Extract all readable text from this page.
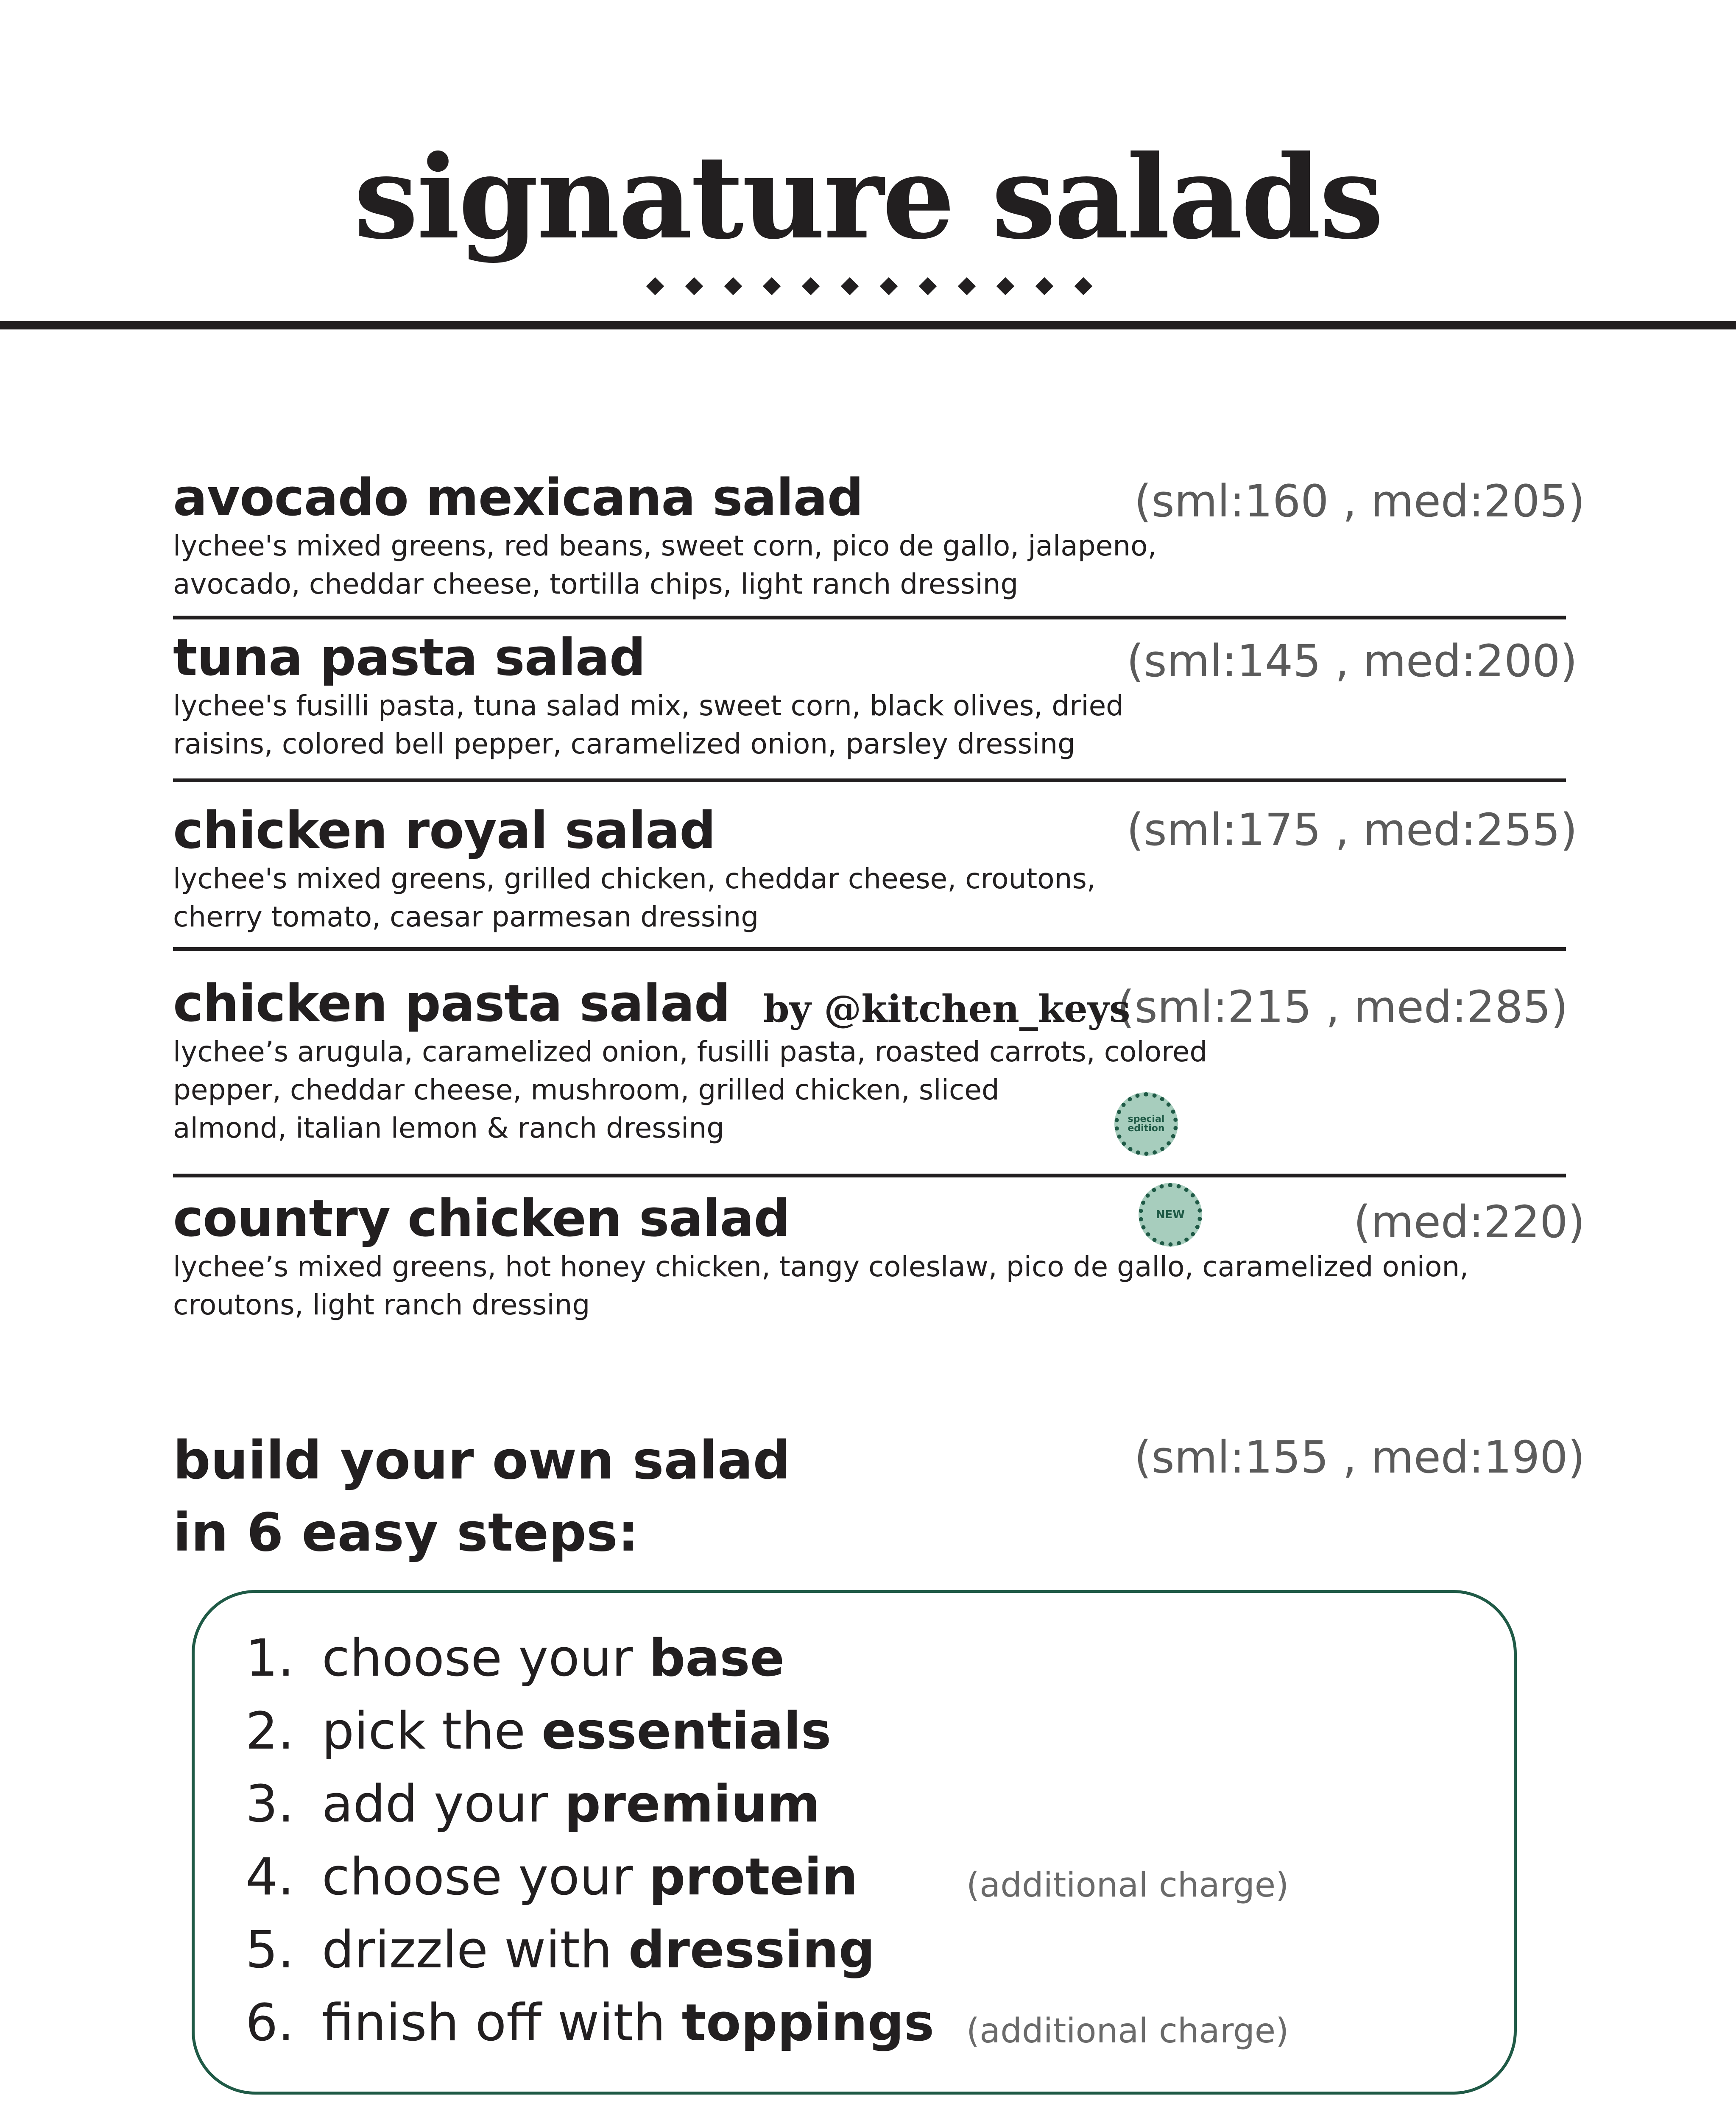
signature salads
avocado mexicana salad	(sml:160 , med:205)

lychee's mixed greens, red beans, sweet corn, pico de gallo, jalapeno,
avocado, cheddar cheese, tortilla chips, light ranch dressing

tuna pasta salad	(sml:145 , med:200)

lychee's fusilli pasta, tuna salad mix, sweet corn, black olives, dried
raisins, colored bell pepper, caramelized onion, parsley dressing

chicken royal salad	(sml:175 , med:255)

lychee's mixed greens, grilled chicken, cheddar cheese, croutons,
cherry tomato, caesar parmesan dressing

chicken pasta salad	(sml:215 , med:285)

lychee’s arugula, caramelized onion, fusilli pasta, roasted carrots, colored
pepper, cheddar cheese, mushroom, grilled chicken, sliced
almond, italian lemon & ranch dressing

by @kitchen_keys
special edition
country chicken salad	(med:220)

lychee’s mixed greens, hot honey chicken, tangy coleslaw, pico de gallo, caramelized onion,
croutons, light ranch dressing

NEW
build your own salad
in 6 easy steps:
(sml:155 , med:190)
1. choose your base
2. pick the essentials
3. add your premium
4. choose your protein	(additional charge)
5. drizzle with dressing
6. finish off with toppings (additional charge)
